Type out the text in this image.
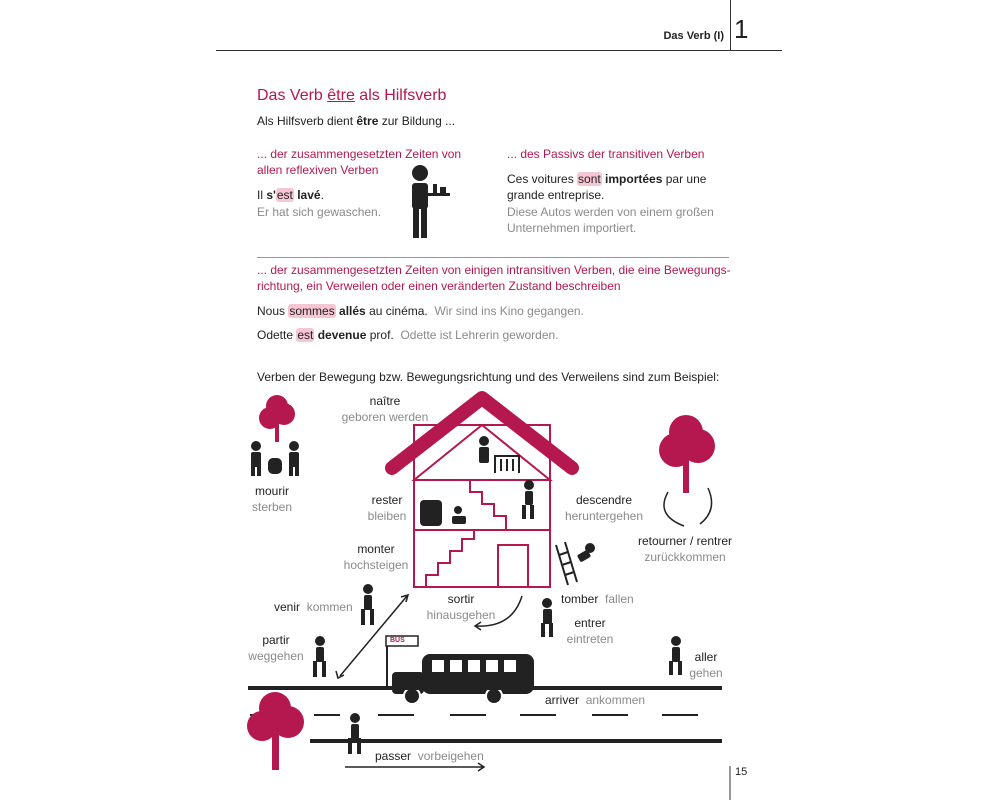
Das Verb (I) 1
Das Verb être als Hilfsverb
Als Hilfsverb dient être zur Bildung ...
... der zusammengesetzten Zeiten von
allen reflexiven Verben
Il s'est lavé.
Er hat sich gewaschen.
... des Passivs der transitiven Verben
Ces voitures sont importées par une
grande entreprise.
Diese Autos werden von einem großen
Unternehmen importiert.
... der zusammengesetzten Zeiten von einigen intransitiven Verben, die eine Bewegungs-
richtung, ein Verweilen oder einen veränderten Zustand beschreiben
Nous sommes allés au cinéma. Wir sind ins Kino gegangen.
Odette est devenue prof. Odette ist Lehrerin geworden.
Verben der Bewegung bzw. Bewegungsrichtung und des Verweilens sind zum Beispiel:
BUS
naître
geboren werden
mourir
sterben	rester
bleiben
descendre
heruntergehen
retourner / rentrer
zurückkommen
monter
hochsteigen
venir kommen
sortir
hinausgehen
tomber fallen
entrer
eintreten
partir
weggehen	aller
gehen
arriver ankommen
passer vorbeigehen
15
